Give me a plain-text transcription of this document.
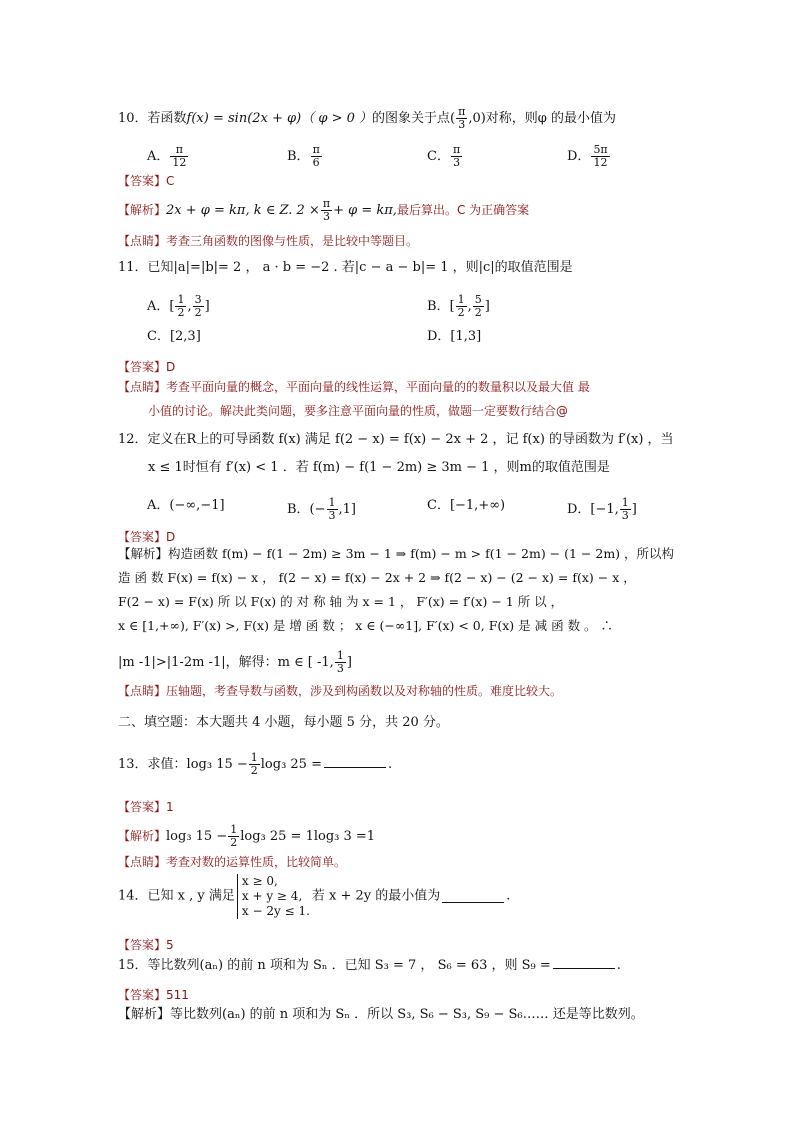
10．若函数f(x) = sin(2x + φ)（ φ > 0 ）的图象关于点( $\frac{\pi}{3} ,0$)对称，则φ 的最小值为
A． $\frac{\pi}{12}$	B． $\frac{\pi}{6}$	C． $\frac{\pi}{3}$	D． $\frac{5\pi}{12}$
【答案】C
【解析】2x + φ = kπ, k ∈ Z. $2 \times \frac{\pi}{3} + \varphi = k\pi$,最后算出。C 为正确答案
【点睛】考查三角函数的图像与性质，是比较中等题目。
11．已知|a|=|b|= 2 ， a · b = −2 . 若|c − a − b|= 1 ，则|c|的取值范围是
A．[ $\frac{1}{2}$ , $\frac{3}{2}$ ]	B．[ $\frac{1}{2}$ , $\frac{5}{2}$ ]
C．[2,3]	D．[1,3]
【答案】D
【点睛】考查平面向量的概念，平面向量的线性运算，平面向量的的数量积以及最大值 最
小值的讨论。解决此类问题，要多注意平面向量的性质，做题一定要数行结合@
12．定义在R上的可导函数 f(x) 满足 f(2 − x) = f(x) − 2x + 2 ，记 f(x) 的导函数为 f′(x) ，当
x ≤ 1时恒有 f′(x) < 1 ．若 f(m) − f(1 − 2m) ≥ 3m − 1 ，则m的取值范围是
A．(−∞,−1]	B．(− $\frac{1}{3} ,1$]	C．[−1,+∞)	D．[−1, $\frac{1}{3}$ ]
【答案】D
【解析】构造函数 f(m) − f(1 − 2m) ≥ 3m − 1 ⇒ f(m) − m > f(1 − 2m) − (1 − 2m) ，所以构
造 函 数 F(x) = f(x) − x ， f(2 − x) = f(x) − 2x + 2 ⇒ f(2 − x) − (2 − x) = f(x) − x ，
F(2 − x) = F(x) 所 以 F(x) 的 对 称 轴 为 x = 1 ， F′(x) = f′(x) − 1 所 以 ，
x ∈ [1,+∞), F′(x) >, F(x) 是 增 函 数 ； x ∈ (−∞1], F′(x) < 0, F(x) 是 减 函 数 。 ∴
|m -1|>|1-2m -1|，解得：m ∈ [ -1, $\frac{1}{3}$ ]
【点睛】压轴题，考查导数与函数，涉及到构函数以及对称轴的性质。难度比较大。
二、填空题：本大题共 4 小题，每小题 5 分，共 20 分。
13．求值：log₃ $15 - \frac{1}{2} \log_3$ 25 =	.
【答案】1
【解析】log₃ $15 - \frac{1}{2} \log_3$ 25 = 1log₃ 3 =1
【点睛】考查对数的运算性质，比较简单。
14．已知 x , y 满足
x ≥ 0,
x + y ≥ 4,
x − 2y ≤ 1.
若 x + 2y 的最小值为	.
【答案】5
15．等比数列(aₙ) 的前 n 项和为 Sₙ ．已知 S₃ = 7 ， S₆ = 63 ，则 S₉ =	.
【答案】511
【解析】等比数列(aₙ) 的前 n 项和为 Sₙ ．所以 S₃, S₆ − S₃, S₉ − S₆…… 还是等比数列。
